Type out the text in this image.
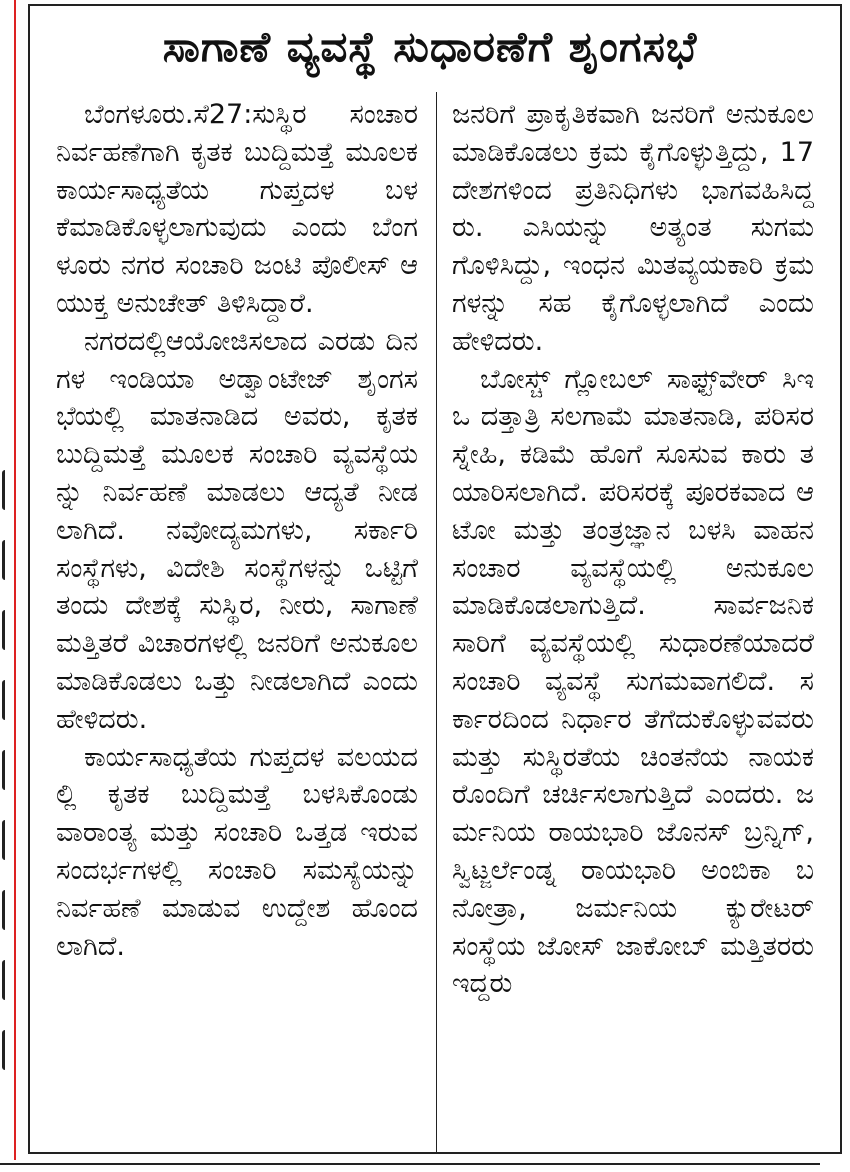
ಸಾಗಾಣೆ ವ್ಯವಸ್ಥೆ ಸುಧಾರಣೆಗೆ ಶೃಂಗಸಭೆ

ಬೆಂಗಳೂರು.ಸೆ27:ಸುಸ್ಥಿರ ಸಂಚಾರ ನಿರ್ವಹಣೆಗಾಗಿ ಕೃತಕ ಬುದ್ದಿಮತ್ತೆ ಮೂಲಕಕಾರ್ಯಸಾಧ್ಯತೆಯ ಗುಪ್ತದಳ ಬಳಕೆಮಾಡಿಕೊಳ್ಳಲಾಗುವುದು ಎಂದು ಬೆಂಗಳೂರು ನಗರ ಸಂಚಾರಿ ಜಂಟಿ ಪೊಲೀಸ್ ಆಯುಕ್ತ ಅನುಚೇತ್ ತಿಳಿಸಿದ್ದಾರೆ.

ನಗರದಲ್ಲಿಆಯೋಜಿಸಲಾದ ಎರಡು ದಿನಗಳ ಇಂಡಿಯಾ ಅಡ್ವಾಂಟೇಜ್ ಶೃಂಗಸಭೆಯಲ್ಲಿ ಮಾತನಾಡಿದ ಅವರು, ಕೃತಕ ಬುದ್ದಿಮತ್ತೆ ಮೂಲಕ ಸಂಚಾರಿ ವ್ಯವಸ್ಥೆಯನ್ನು ನಿರ್ವಹಣೆ ಮಾಡಲು ಆದ್ಯತೆ ನೀಡಲಾಗಿದೆ. ನವೋದ್ಯಮಗಳು, ಸರ್ಕಾರಿ ಸಂಸ್ಥೆಗಳು, ವಿದೇಶಿ ಸಂಸ್ಥೆಗಳನ್ನು ಒಟ್ಟಿಗೆ ತಂದು ದೇಶಕ್ಕೆ ಸುಸ್ಥಿರ, ನೀರು, ಸಾಗಾಣೆ ಮತ್ತಿತರೆ ವಿಚಾರಗಳಲ್ಲಿ ಜನರಿಗೆ ಅನುಕೂಲ ಮಾಡಿಕೊಡಲು ಒತ್ತು ನೀಡಲಾಗಿದೆ ಎಂದು ಹೇಳಿದರು.

ಕಾರ್ಯಸಾಧ್ಯತೆಯ ಗುಪ್ತದಳ ವಲಯದಲ್ಲಿ ಕೃತಕ ಬುದ್ದಿಮತ್ತೆ ಬಳಸಿಕೊಂಡು ವಾರಾಂತ್ಯ ಮತ್ತು ಸಂಚಾರಿ ಒತ್ತಡ ಇರುವ ಸಂದರ್ಭಗಳಲ್ಲಿ ಸಂಚಾರಿ ಸಮಸ್ಯೆಯನ್ನು ನಿರ್ವಹಣೆ ಮಾಡುವ ಉದ್ದೇಶ ಹೊಂದಲಾಗಿದೆ.

ಜನರಿಗೆ ಪ್ರಾಕೃತಿಕವಾಗಿ ಜನರಿಗೆ ಅನುಕೂಲ ಮಾಡಿಕೊಡಲು ಕ್ರಮ ಕೈಗೊಳ್ಳುತ್ತಿದ್ದು, 17 ದೇಶಗಳಿಂದ ಪ್ರತಿನಿಧಿಗಳು ಭಾಗವಹಿಸಿದ್ದರು. ಎಸಿಯನ್ನು ಅತ್ಯಂತ ಸುಗಮಗೊಳಿಸಿದ್ದು, ಇಂಧನ ಮಿತವ್ಯಯಕಾರಿ ಕ್ರಮಗಳನ್ನು ಸಹ ಕೈಗೊಳ್ಳಲಾಗಿದೆ ಎಂದು ಹೇಳಿದರು.

ಬೋಸ್ಚ್ ಗ್ಲೋಬಲ್ ಸಾಫ್ಟ್‌ವೇರ್ ಸಿಇಒ ದತ್ತಾತ್ರಿ ಸಲಗಾಮೆ ಮಾತನಾಡಿ, ಪರಿಸರ ಸ್ನೇಹಿ, ಕಡಿಮೆ ಹೊಗೆ ಸೂಸುವ ಕಾರು ತಯಾರಿಸಲಾಗಿದೆ. ಪರಿಸರಕ್ಕೆ ಪೂರಕವಾದ ಆಟೋ ಮತ್ತು ತಂತ್ರಜ್ಞಾನ ಬಳಸಿ ವಾಹನ ಸಂಚಾರ ವ್ಯವಸ್ಥೆಯಲ್ಲಿ ಅನುಕೂಲ ಮಾಡಿಕೊಡಲಾಗುತ್ತಿದೆ. ಸಾರ್ವಜನಿಕ ಸಾರಿಗೆ ವ್ಯವಸ್ಥೆಯಲ್ಲಿ ಸುಧಾರಣೆಯಾದರೆ ಸಂಚಾರಿ ವ್ಯವಸ್ಥೆ ಸುಗಮವಾಗಲಿದೆ. ಸರ್ಕಾರದಿಂದ ನಿರ್ಧಾರ ತೆಗೆದುಕೊಳ್ಳುವವರು ಮತ್ತು ಸುಸ್ಥಿರತೆಯ ಚಿಂತನೆಯ ನಾಯಕರೊಂದಿಗೆ ಚರ್ಚಿಸಲಾಗುತ್ತಿದೆ ಎಂದರು. ಜರ್ಮನಿಯ ರಾಯಭಾರಿ ಜೊನಸ್ ಬ್ರನ್ನಿಗ್, ಸ್ವಿಟ್ಜರ್ಲೆಂಡ್ನ ರಾಯಭಾರಿ ಅಂಬಿಕಾ ಬನೋತ್ರಾ, ಜರ್ಮನಿಯ ಕ್ಯುರೇಟರ್ ಸಂಸ್ಥೆಯ ಜೋಸ್ ಜಾಕೋಬ್ ಮತ್ತಿತರರು ಇದ್ದರು
